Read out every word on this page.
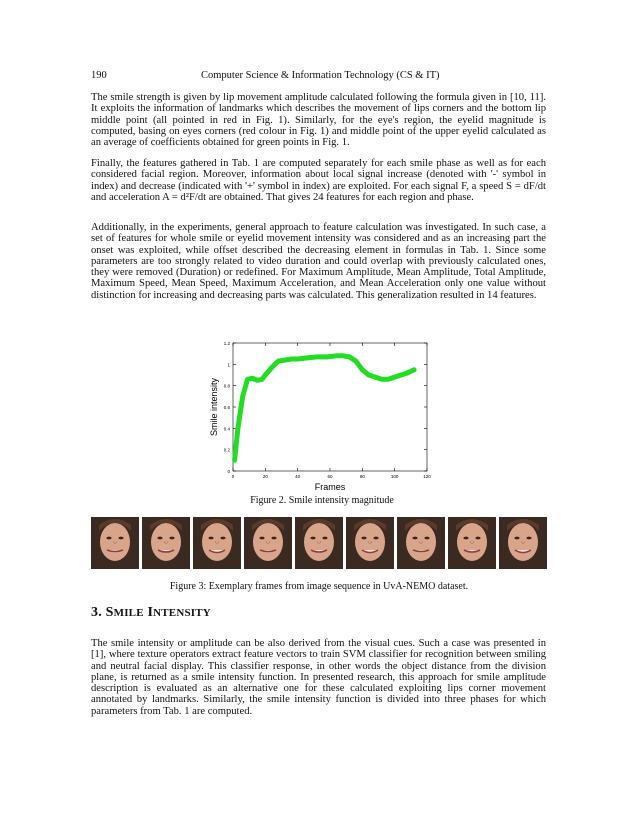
190	Computer Science & Information Technology (CS & IT)

The smile strength is given by lip movement amplitude calculated following the formula given in [10, 11]. It exploits the information of landmarks which describes the movement of lips corners and the bottom lip middle point (all pointed in red in Fig. 1). Similarly, for the eye's region, the eyelid magnitude is computed, basing on eyes corners (red colour in Fig. 1) and middle point of the upper eyelid calculated as an average of coefficients obtained for green points in Fig. 1.

Finally, the features gathered in Tab. 1 are computed separately for each smile phase as well as for each considered facial region. Moreover, information about local signal increase (denoted with '-' symbol in index) and decrease (indicated with '+' symbol in index) are exploited. For each signal F, a speed S = dF/dt and acceleration A = d²F/dt are obtained. That gives 24 features for each region and phase.

Additionally, in the experiments, general approach to feature calculation was investigated. In such case, a set of features for whole smile or eyelid movement intensity was considered and as an increasing part the onset was exploited, while offset described the decreasing element in formulas in Tab. 1. Since some parameters are too strongly related to video duration and could overlap with previously calculated ones, they were removed (Duration) or redefined. For Maximum Amplitude, Mean Amplitude, Total Amplitude, Maximum Speed, Mean Speed, Maximum Acceleration, and Mean Acceleration only one value without distinction for increasing and decreasing parts was calculated. This generalization resulted in 14 features.

0
0.2
0.4
0.6
0.8
1
1.2
0	20	40	60	80	100	120
Frames
Smile intensity
Figure 2. Smile intensity magnitude
Figure 3: Exemplary frames from image sequence in UvA-NEMO dataset.
3. SMILE INTENSITY

The smile intensity or amplitude can be also derived from the visual cues. Such a case was presented in [1], where texture operators extract feature vectors to train SVM classifier for recognition between smiling and neutral facial display. This classifier response, in other words the object distance from the division plane, is returned as a smile intensity function. In presented research, this approach for smile amplitude description is evaluated as an alternative one for these calculated exploiting lips corner movement annotated by landmarks. Similarly, the smile intensity function is divided into three phases for which parameters from Tab. 1 are computed.
